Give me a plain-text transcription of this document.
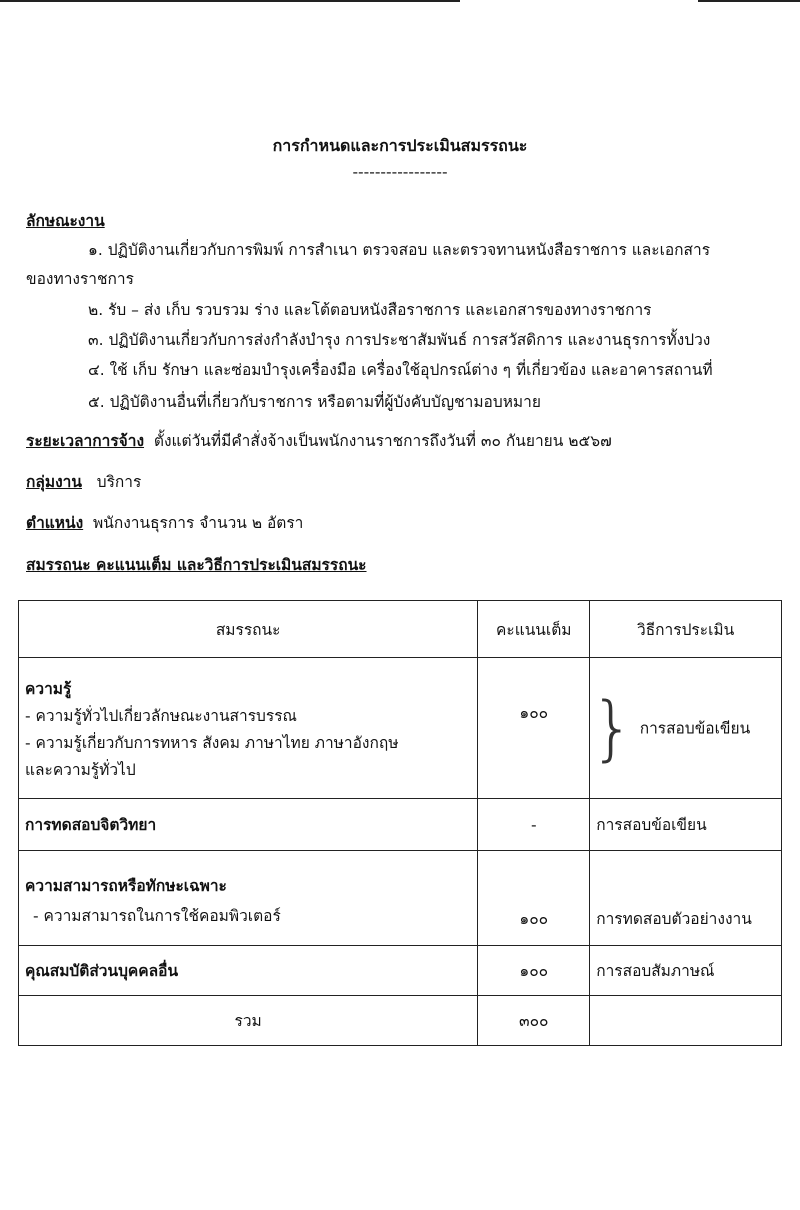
การกำหนดและการประเมินสมรรถนะ
-----------------
ลักษณะงาน
๑. ปฏิบัติงานเกี่ยวกับการพิมพ์ การสำเนา ตรวจสอบ และตรวจทานหนังสือราชการ และเอกสาร
ของทางราชการ
๒. รับ – ส่ง เก็บ รวบรวม ร่าง และโต้ตอบหนังสือราชการ และเอกสารของทางราชการ
๓. ปฏิบัติงานเกี่ยวกับการส่งกำลังบำรุง การประชาสัมพันธ์ การสวัสดิการ และงานธุรการทั้งปวง
๔. ใช้ เก็บ รักษา และซ่อมบำรุงเครื่องมือ เครื่องใช้อุปกรณ์ต่าง ๆ ที่เกี่ยวข้อง และอาคารสถานที่
๕. ปฏิบัติงานอื่นที่เกี่ยวกับราชการ หรือตามที่ผู้บังคับบัญชามอบหมาย
ระยะเวลาการจ้าง ตั้งแต่วันที่มีคำสั่งจ้างเป็นพนักงานราชการถึงวันที่ ๓๐ กันยายน ๒๕๖๗
กลุ่มงาน บริการ
ตำแหน่ง พนักงานธุรการ จำนวน ๒ อัตรา
สมรรถนะ คะแนนเต็ม และวิธีการประเมินสมรรถนะ
สมรรถนะ	คะแนนเต็ม	วิธีการประเมิน

ความรู้
- ความรู้ทั่วไปเกี่ยวลักษณะงานสารบรรณ
- ความรู้เกี่ยวกับการทหาร สังคม ภาษาไทย ภาษาอังกฤษ
และความรู้ทั่วไป	๑๐๐	} การสอบข้อเขียน
การทดสอบจิตวิทยา	-	การสอบข้อเขียน

ความสามารถหรือทักษะเฉพาะ
- ความสามารถในการใช้คอมพิวเตอร์	๑๐๐	การทดสอบตัวอย่างงาน
คุณสมบัติส่วนบุคคลอื่น	๑๐๐	การสอบสัมภาษณ์
รวม	๓๐๐	
